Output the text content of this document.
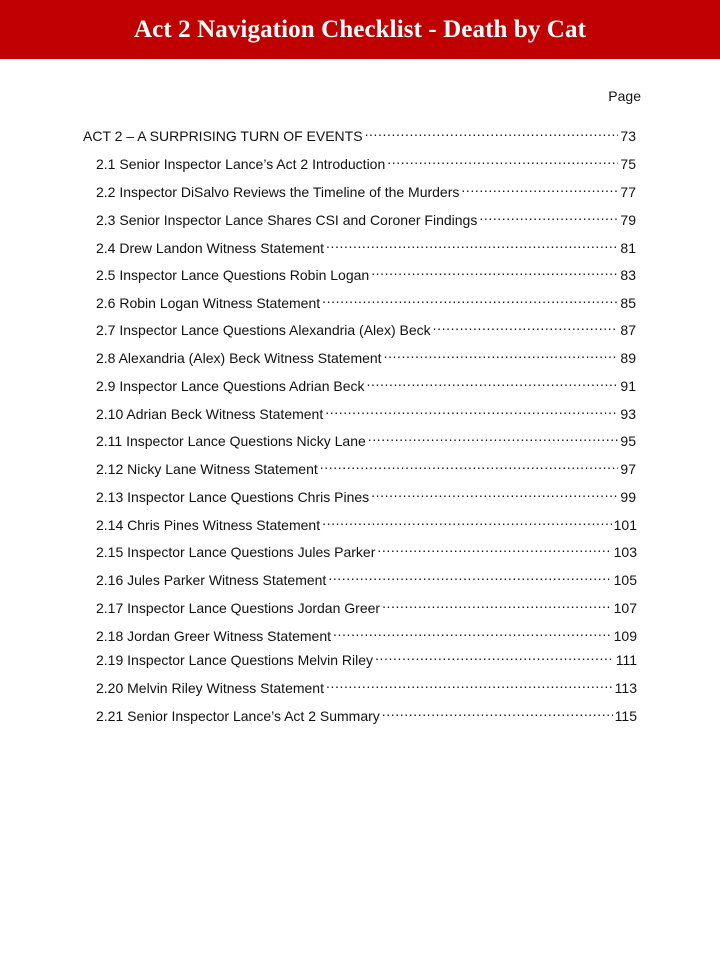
Act 2 Navigation Checklist - Death by Cat
Page
ACT 2 – A SURPRISING TURN OF EVENTS .....	73
2.1 Senior Inspector Lance’s Act 2 Introduction .....	75
2.2 Inspector DiSalvo Reviews the Timeline of the Murders .....	77
2.3 Senior Inspector Lance Shares CSI and Coroner Findings .....	79
2.4 Drew Landon Witness Statement .....	81
2.5 Inspector Lance Questions Robin Logan .....	83
2.6 Robin Logan Witness Statement .....	85
2.7 Inspector Lance Questions Alexandria (Alex) Beck .....	87
2.8 Alexandria (Alex) Beck Witness Statement .....	89
2.9 Inspector Lance Questions Adrian Beck .....	91
2.10 Adrian Beck Witness Statement .....	93
2.11 Inspector Lance Questions Nicky Lane .....	95
2.12 Nicky Lane Witness Statement .....	97
2.13 Inspector Lance Questions Chris Pines .....	99
2.14 Chris Pines Witness Statement .....	101
2.15 Inspector Lance Questions Jules Parker .....	103
2.16 Jules Parker Witness Statement .....	105
2.17 Inspector Lance Questions Jordan Greer .....	107
2.18 Jordan Greer Witness Statement .....	109
2.19 Inspector Lance Questions Melvin Riley .....	111
2.20 Melvin Riley Witness Statement .....	113
2.21 Senior Inspector Lance’s Act 2 Summary .....	115
